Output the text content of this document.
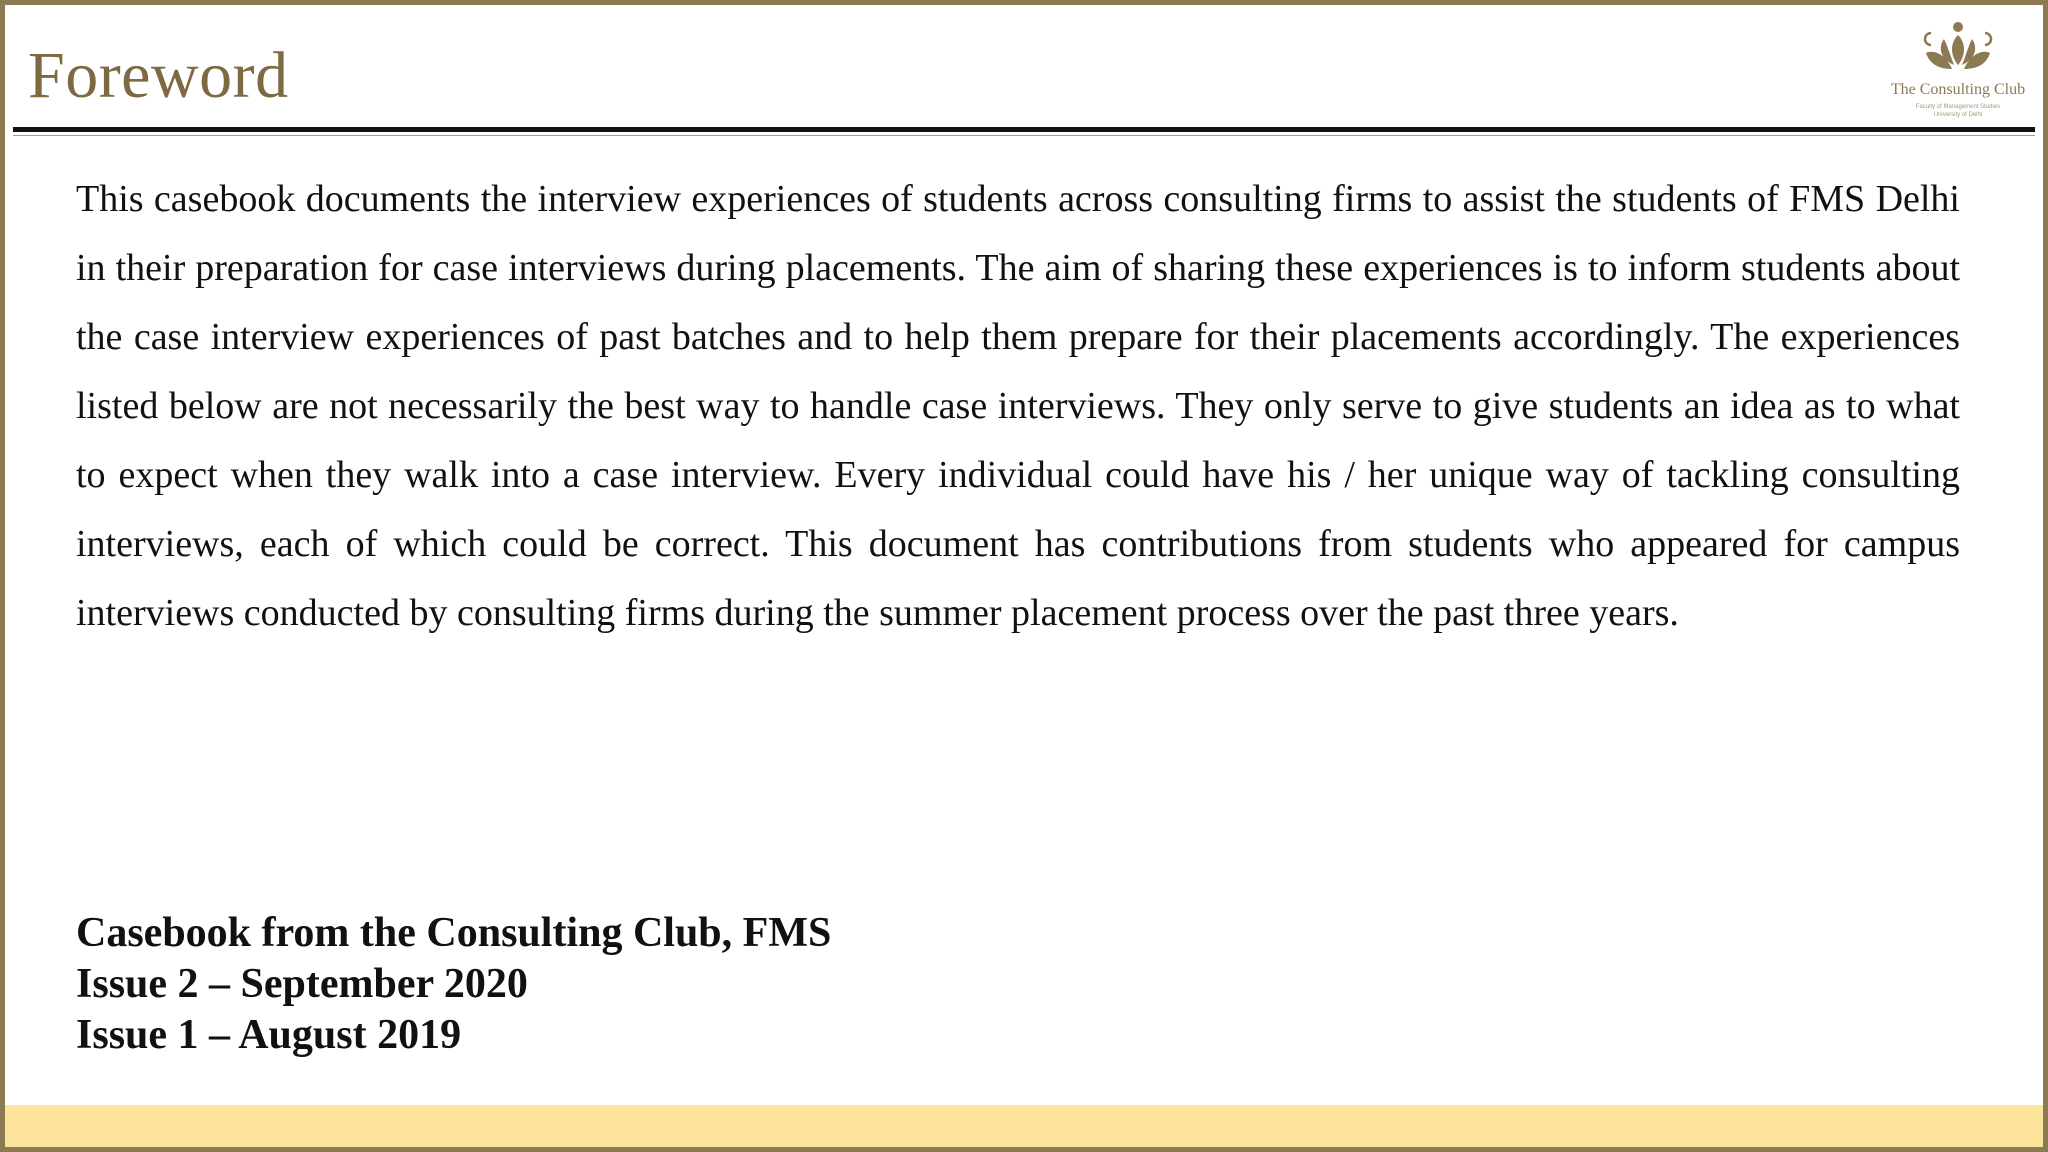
Foreword	The Consulting Club
Faculty of Management Studies
University of Delhi

This casebook documents the interview experiences of students across consulting firms to assist the students of FMS Delhi in their preparation for case interviews during placements. The aim of sharing these experiences is to inform students about the case interview experiences of past batches and to help them prepare for their placements accordingly. The experiences listed below are not necessarily the best way to handle case interviews. They only serve to give students an idea as to what to expect when they walk into a case interview. Every individual could have his / her unique way of tackling consulting interviews, each of which could be correct. This document has contributions from students who appeared for campus interviews conducted by consulting firms during the summer placement process over the past three years.

Casebook from the Consulting Club, FMS
Issue 2 – September 2020
Issue 1 – August 2019
